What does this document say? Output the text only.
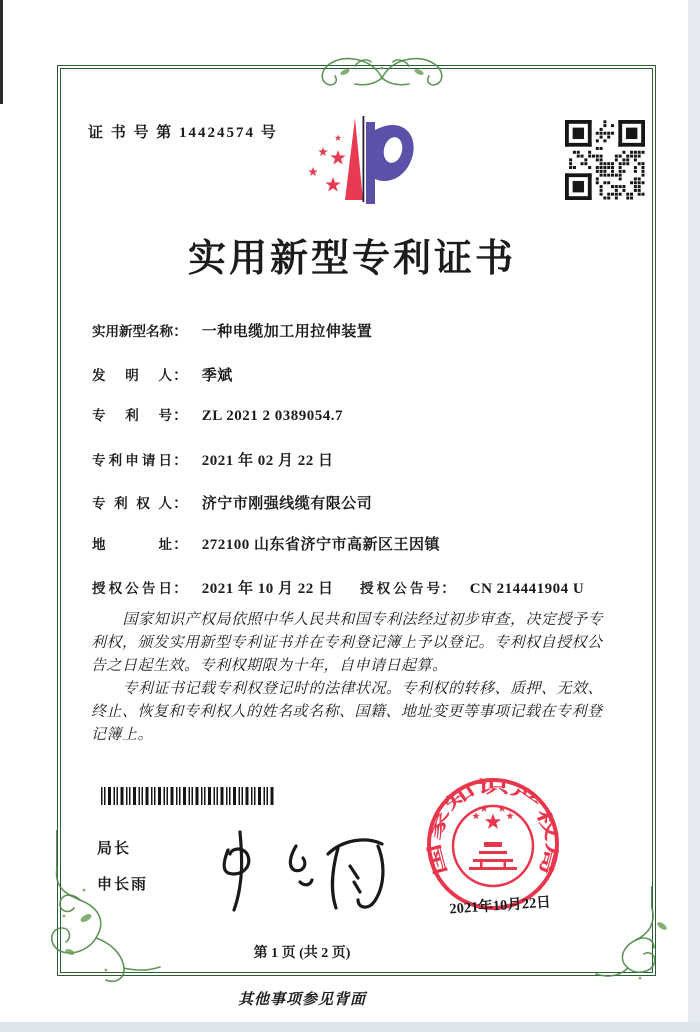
证 书 号 第 14424574 号
实用新型专利证书
实用新型名称： 一种电缆加工用拉伸装置
发明人： 季斌
专利号： ZL 2021 2 0389054.7
专利申请日： 2021 年 02 月 22 日
专利权人： 济宁市刚强线缆有限公司
地址： 272100 山东省济宁市高新区王因镇
授权公告日： 2021 年 10 月 22 日 授权公告号： CN 214441904 U

国家知识产权局依照中华人民共和国专利法经过初步审查，决定授予专利权，颁发实用新型专利证书并在专利登记簿上予以登记。专利权自授权公告之日起生效。专利权期限为十年，自申请日起算。

专利证书记载专利权登记时的法律状况。专利权的转移、质押、无效、终止、恢复和专利权人的姓名或名称、国籍、地址变更等事项记载在专利登记簿上。

局长
申长雨
国家知识产权局
2021年10月22日
第 1 页 (共 2 页)
其他事项参见背面
